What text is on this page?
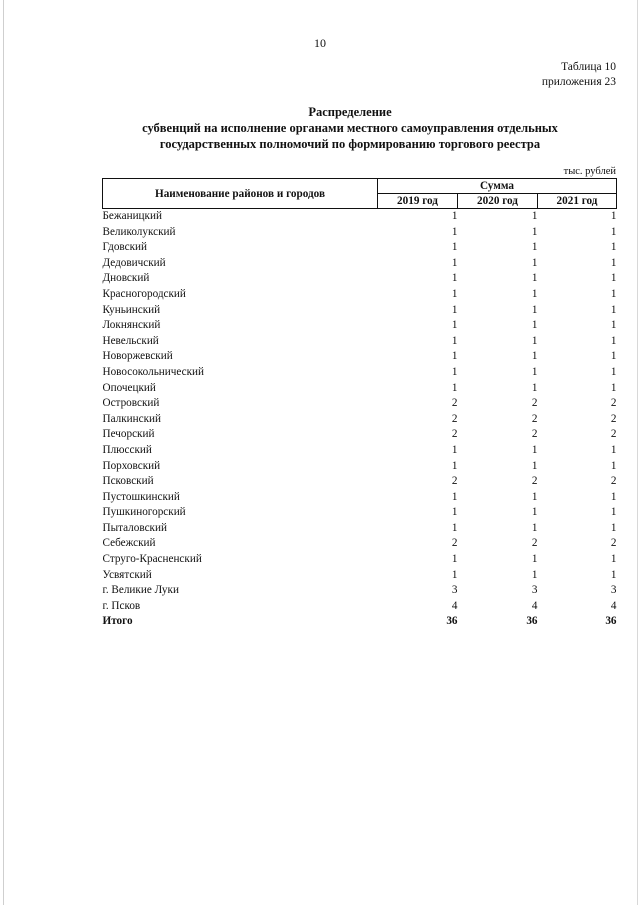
10
Таблица 10
приложения 23
Распределение
субвенций на исполнение органами местного самоуправления отдельных
государственных полномочий по формированию торгового реестра
тыс. рублей
Наименование районов и городов	Сумма		
	2019 год	2020 год	2021 год
Бежаницкий	1	1	1
Великолукский	1	1	1
Гдовский	1	1	1
Дедовичский	1	1	1
Дновский	1	1	1
Красногородский	1	1	1
Куньинский	1	1	1
Локнянский	1	1	1
Невельский	1	1	1
Новоржевский	1	1	1
Новосокольнический	1	1	1
Опочецкий	1	1	1
Островский	2	2	2
Палкинский	2	2	2
Печорский	2	2	2
Плюсский	1	1	1
Порховский	1	1	1
Псковский	2	2	2
Пустошкинский	1	1	1
Пушкиногорский	1	1	1
Пыталовский	1	1	1
Себежский	2	2	2
Струго-Красненский	1	1	1
Усвятский	1	1	1
г. Великие Луки	3	3	3
г. Псков	4	4	4
Итого	36	36	36
